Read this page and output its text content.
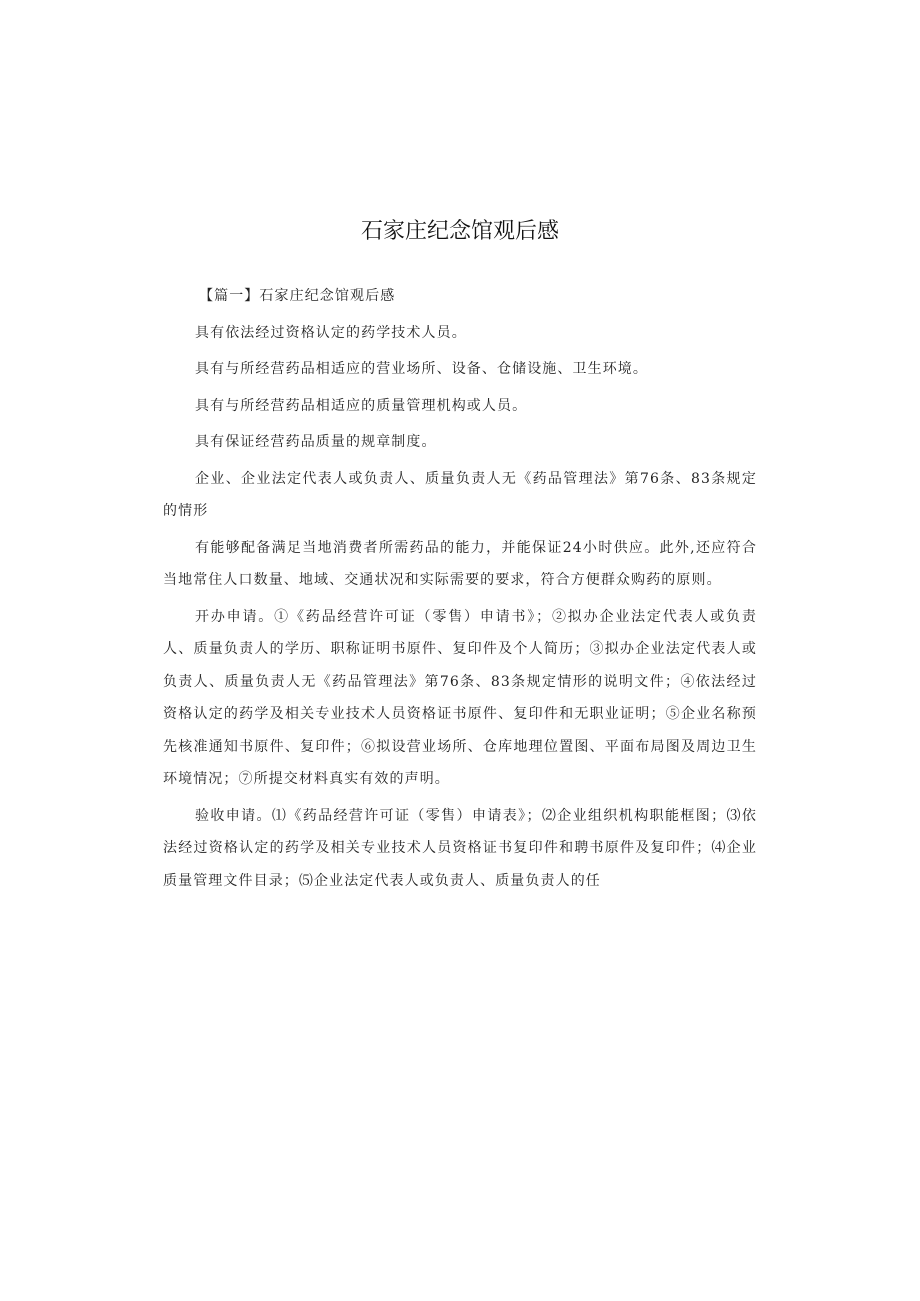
石家庄纪念馆观后感

【篇一】石家庄纪念馆观后感

具有依法经过资格认定的药学技术人员。

具有与所经营药品相适应的营业场所、设备、仓储设施、卫生环境。

具有与所经营药品相适应的质量管理机构或人员。

具有保证经营药品质量的规章制度。

企业、企业法定代表人或负责人、质量负责人无《药品管理法》第76条、83条规定的情形

有能够配备满足当地消费者所需药品的能力，并能保证24小时供应。此外,还应符合当地常住人口数量、地域、交通状况和实际需要的要求，符合方便群众购药的原则。

开办申请。①《药品经营许可证（零售）申请书》；②拟办企业法定代表人或负责人、质量负责人的学历、职称证明书原件、复印件及个人简历；③拟办企业法定代表人或负责人、质量负责人无《药品管理法》第76条、83条规定情形的说明文件；④依法经过资格认定的药学及相关专业技术人员资格证书原件、复印件和无职业证明；⑤企业名称预先核准通知书原件、复印件；⑥拟设营业场所、仓库地理位置图、平面布局图及周边卫生环境情况；⑦所提交材料真实有效的声明。

验收申请。⑴《药品经营许可证（零售）申请表》；⑵企业组织机构职能框图；⑶依法经过资格认定的药学及相关专业技术人员资格证书复印件和聘书原件及复印件；⑷企业质量管理文件目录；⑸企业法定代表人或负责人、质量负责人的任
